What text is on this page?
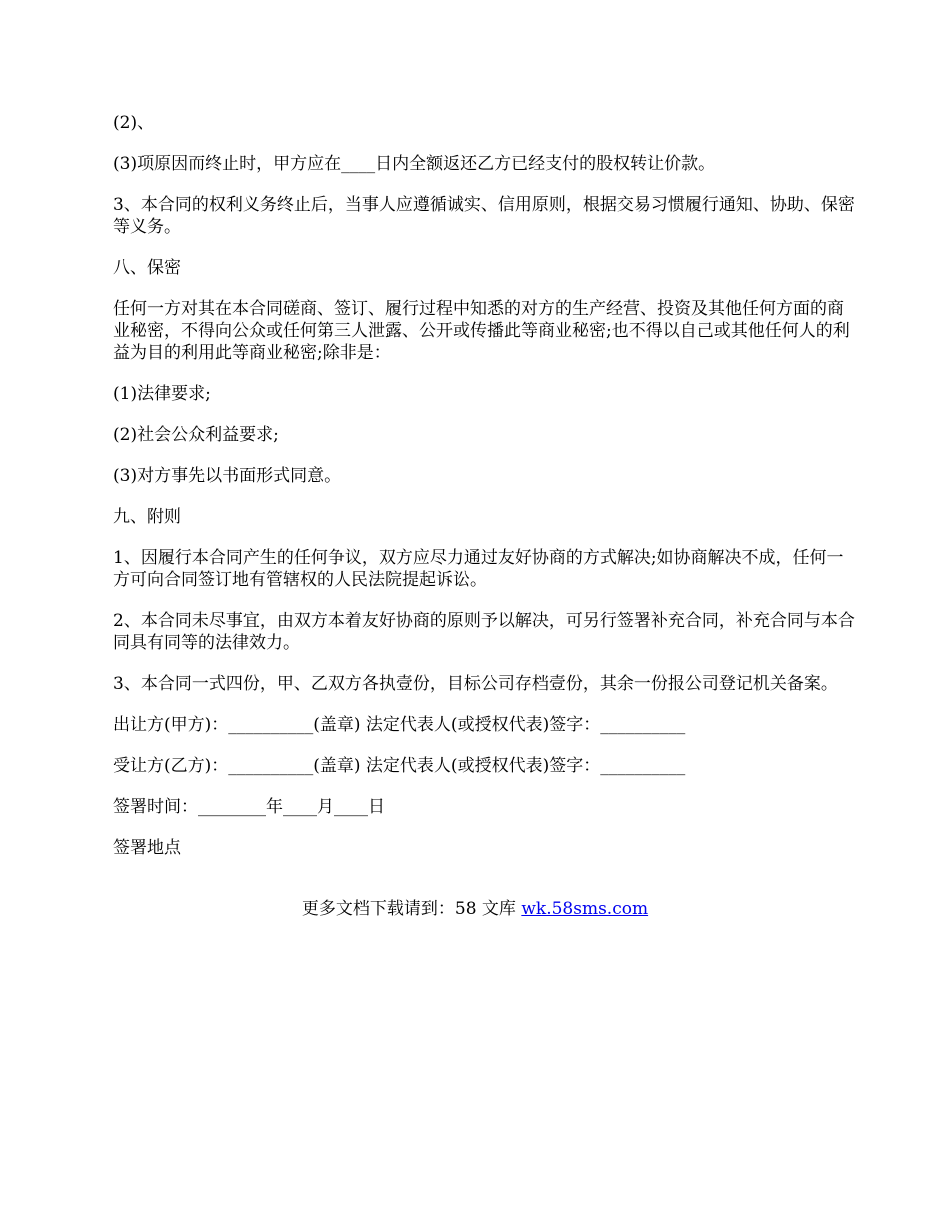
(2)、

(3)项原因而终止时，甲方应在____日内全额返还乙方已经支付的股权转让价款。

3、本合同的权利义务终止后，当事人应遵循诚实、信用原则，根据交易习惯履行通知、协助、保密等义务。

八、保密

任何一方对其在本合同磋商、签订、履行过程中知悉的对方的生产经营、投资及其他任何方面的商业秘密，不得向公众或任何第三人泄露、公开或传播此等商业秘密;也不得以自己或其他任何人的利益为目的利用此等商业秘密;除非是：

(1)法律要求;

(2)社会公众利益要求;

(3)对方事先以书面形式同意。

九、附则

1、因履行本合同产生的任何争议，双方应尽力通过友好协商的方式解决;如协商解决不成，任何一方可向合同签订地有管辖权的人民法院提起诉讼。

2、本合同未尽事宜，由双方本着友好协商的原则予以解决，可另行签署补充合同，补充合同与本合同具有同等的法律效力。

3、本合同一式四份，甲、乙双方各执壹份，目标公司存档壹份，其余一份报公司登记机关备案。

出让方(甲方)：__________(盖章) 法定代表人(或授权代表)签字：__________

受让方(乙方)：__________(盖章) 法定代表人(或授权代表)签字：__________

签署时间：________年____月____日

签署地点

更多文档下载请到：58 文库 wk.58sms.com
